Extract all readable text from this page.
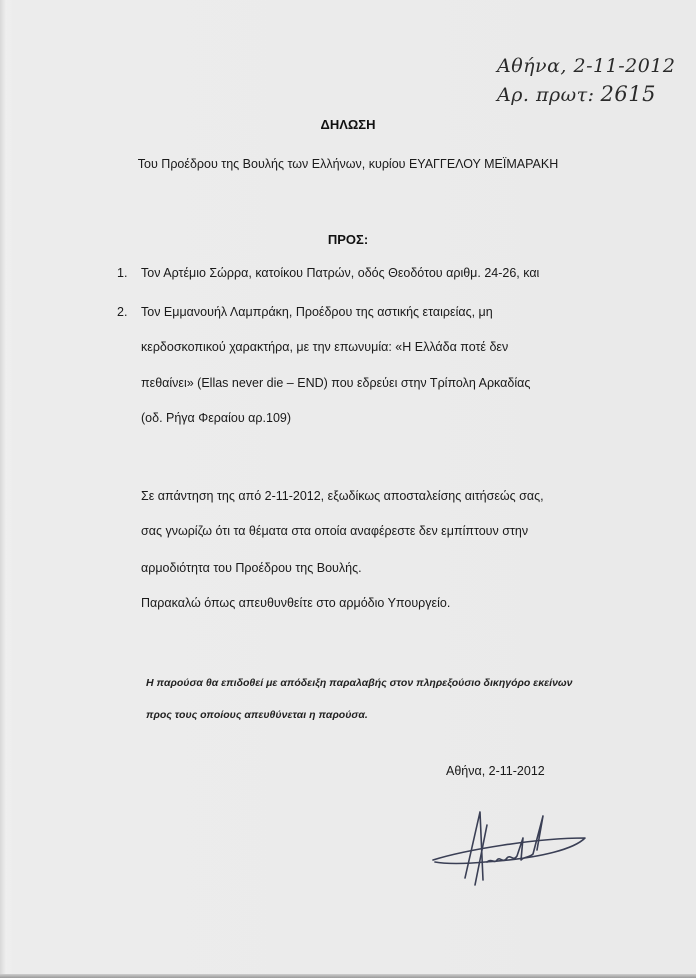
Αθήνα, 2-11-2012
Αρ. πρωτ: 2615
ΔΗΛΩΣΗ
Του Προέδρου της Βουλής των Ελλήνων, κυρίου ΕΥΑΓΓΕΛΟΥ ΜΕΪΜΑΡΑΚΗ
ΠΡΟΣ:
1. Τον Αρτέμιο Σώρρα, κατοίκου Πατρών, οδός Θεοδότου αριθμ. 24-26, και
2. Τον Εμμανουήλ Λαμπράκη, Προέδρου της αστικής εταιρείας, μη
κερδοσκοπικού χαρακτήρα, με την επωνυμία: «Η Ελλάδα ποτέ δεν
πεθαίνει» (Ellas never die – END) που εδρεύει στην Τρίπολη Αρκαδίας
(οδ. Ρήγα Φεραίου αρ.109)
Σε απάντηση της από 2-11-2012, εξωδίκως αποσταλείσης αιτήσεώς σας,
σας γνωρίζω ότι τα θέματα στα οποία αναφέρεστε δεν εμπίπτουν στην
αρμοδιότητα του Προέδρου της Βουλής.
Παρακαλώ όπως απευθυνθείτε στο αρμόδιο Υπουργείο.
Η παρούσα θα επιδοθεί με απόδειξη παραλαβής στον πληρεξούσιο δικηγόρο εκείνων
προς τους οποίους απευθύνεται η παρούσα.
Αθήνα, 2-11-2012
